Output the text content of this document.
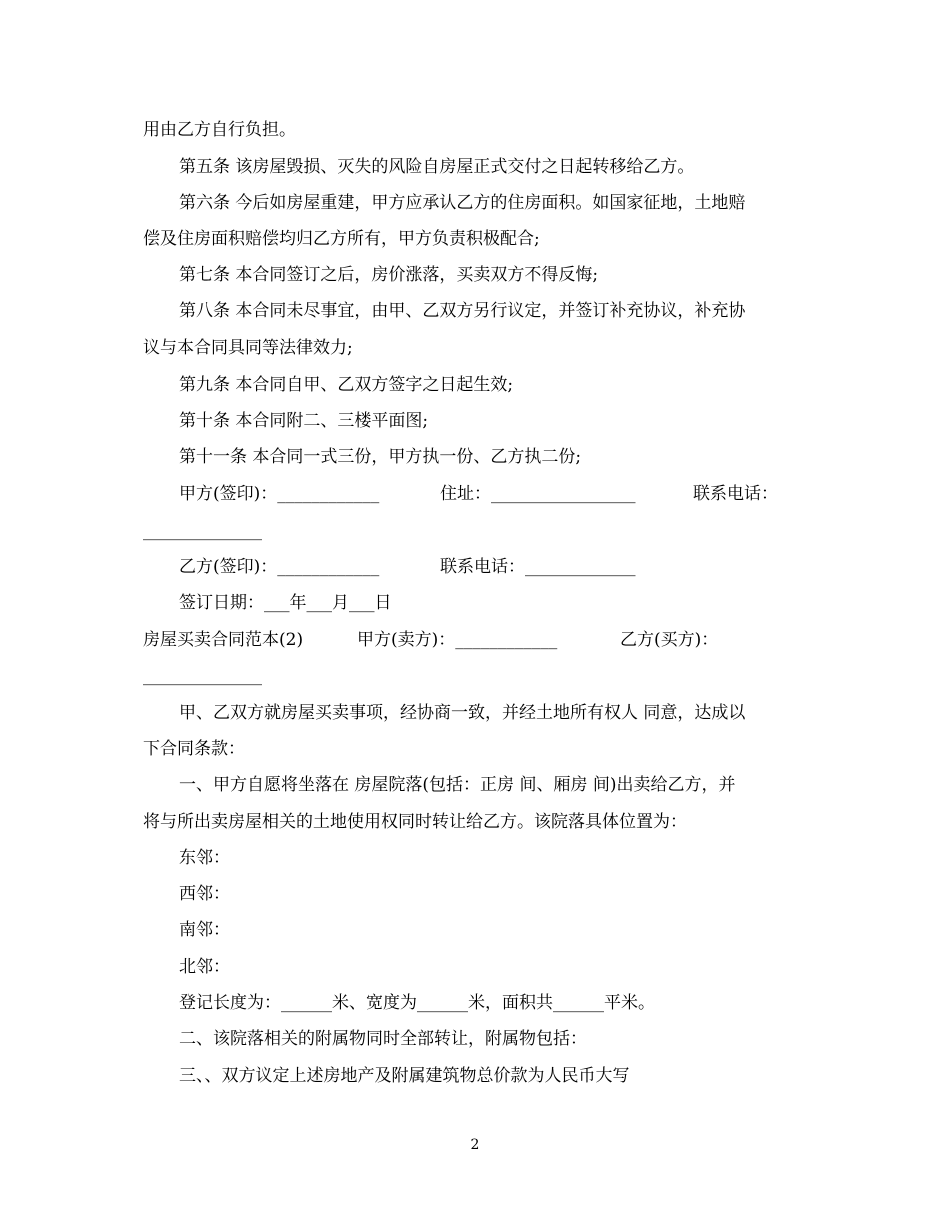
用由乙方自行负担。
第五条 该房屋毁损、灭失的风险自房屋正式交付之日起转移给乙方。
第六条 今后如房屋重建，甲方应承认乙方的住房面积。如国家征地，土地赔
偿及住房面积赔偿均归乙方所有，甲方负责积极配合;
第七条 本合同签订之后，房价涨落，买卖双方不得反悔;
第八条 本合同未尽事宜，由甲、乙双方另行议定，并签订补充协议，补充协
议与本合同具同等法律效力;
第九条 本合同自甲、乙双方签字之日起生效;
第十条 本合同附二、三楼平面图;
第十一条 本合同一式三份，甲方执一份、乙方执二份;

甲方(签印)：____________

	住址：_________________

	联系电话：

______________

乙方(签印)：____________

	联系电话：_____________

签订日期：___年___月___日

房屋买卖合同范本(2)

	甲方(卖方)：____________

	乙方(买方)：

______________
甲、乙双方就房屋买卖事项，经协商一致，并经土地所有权人 同意，达成以
下合同条款：
一、甲方自愿将坐落在 房屋院落(包括：正房 间、厢房 间)出卖给乙方，并
将与所出卖房屋相关的土地使用权同时转让给乙方。该院落具体位置为：
东邻：
西邻：
南邻：
北邻：
登记长度为：______米、宽度为______米，面积共______平米。
二、该院落相关的附属物同时全部转让，附属物包括：
三、、双方议定上述房地产及附属建筑物总价款为人民币大写
2
